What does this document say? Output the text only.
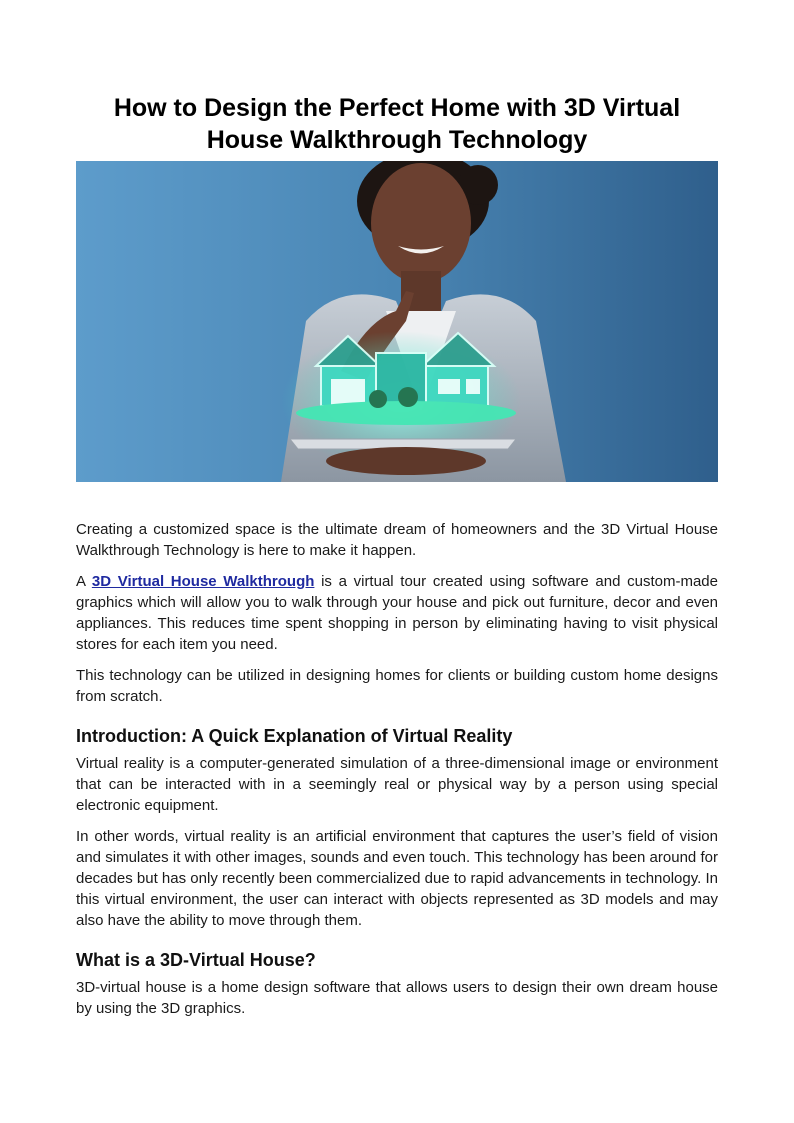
How to Design the Perfect Home with 3D Virtual House Walkthrough Technology

Creating a customized space is the ultimate dream of homeowners and the 3D Virtual House Walkthrough Technology is here to make it happen.

A 3D Virtual House Walkthrough is a virtual tour created using software and custom-made graphics which will allow you to walk through your house and pick out furniture, decor and even appliances. This reduces time spent shopping in person by eliminating having to visit physical stores for each item you need.

This technology can be utilized in designing homes for clients or building custom home designs from scratch.

Introduction: A Quick Explanation of Virtual Reality

Virtual reality is a computer-generated simulation of a three-dimensional image or environment that can be interacted with in a seemingly real or physical way by a person using special electronic equipment.

In other words, virtual reality is an artificial environment that captures the user’s field of vision and simulates it with other images, sounds and even touch. This technology has been around for decades but has only recently been commercialized due to rapid advancements in technology. In this virtual environment, the user can interact with objects represented as 3D models and may also have the ability to move through them.

What is a 3D-Virtual House?

3D-virtual house is a home design software that allows users to design their own dream house by using the 3D graphics.
